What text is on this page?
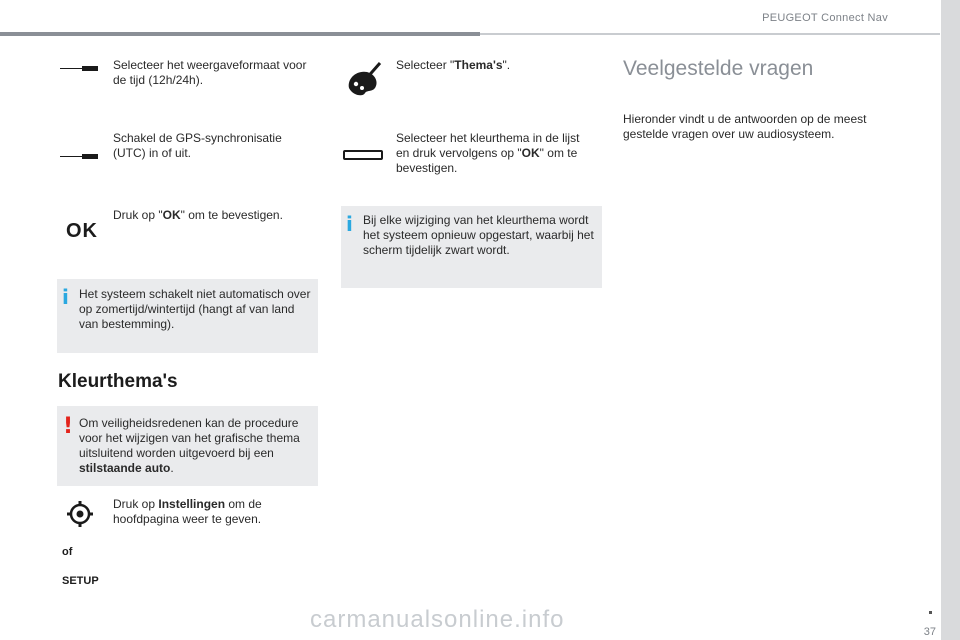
PEUGEOT Connect Nav
Selecteer het weergaveformaat voor de tijd (12h/24h).
Schakel de GPS-synchronisatie (UTC) in of uit.
OK
Druk op "OK" om te bevestigen.
i Het systeem schakelt niet automatisch over op zomertijd/wintertijd (hangt af van land van bestemming).
Kleurthema's
! Om veiligheidsredenen kan de procedure voor het wijzigen van het grafische thema uitsluitend worden uitgevoerd bij een stilstaande auto.
Druk op Instellingen om de hoofdpagina weer te geven.
of
SETUP
Selecteer "Thema's".
Selecteer het kleurthema in de lijst en druk vervolgens op "OK" om te bevestigen.
i Bij elke wijziging van het kleurthema wordt het systeem opnieuw opgestart, waarbij het scherm tijdelijk zwart wordt.
Veelgestelde vragen
Hieronder vindt u de antwoorden op de meest gestelde vragen over uw audiosysteem.
37
carmanualsonline.info
